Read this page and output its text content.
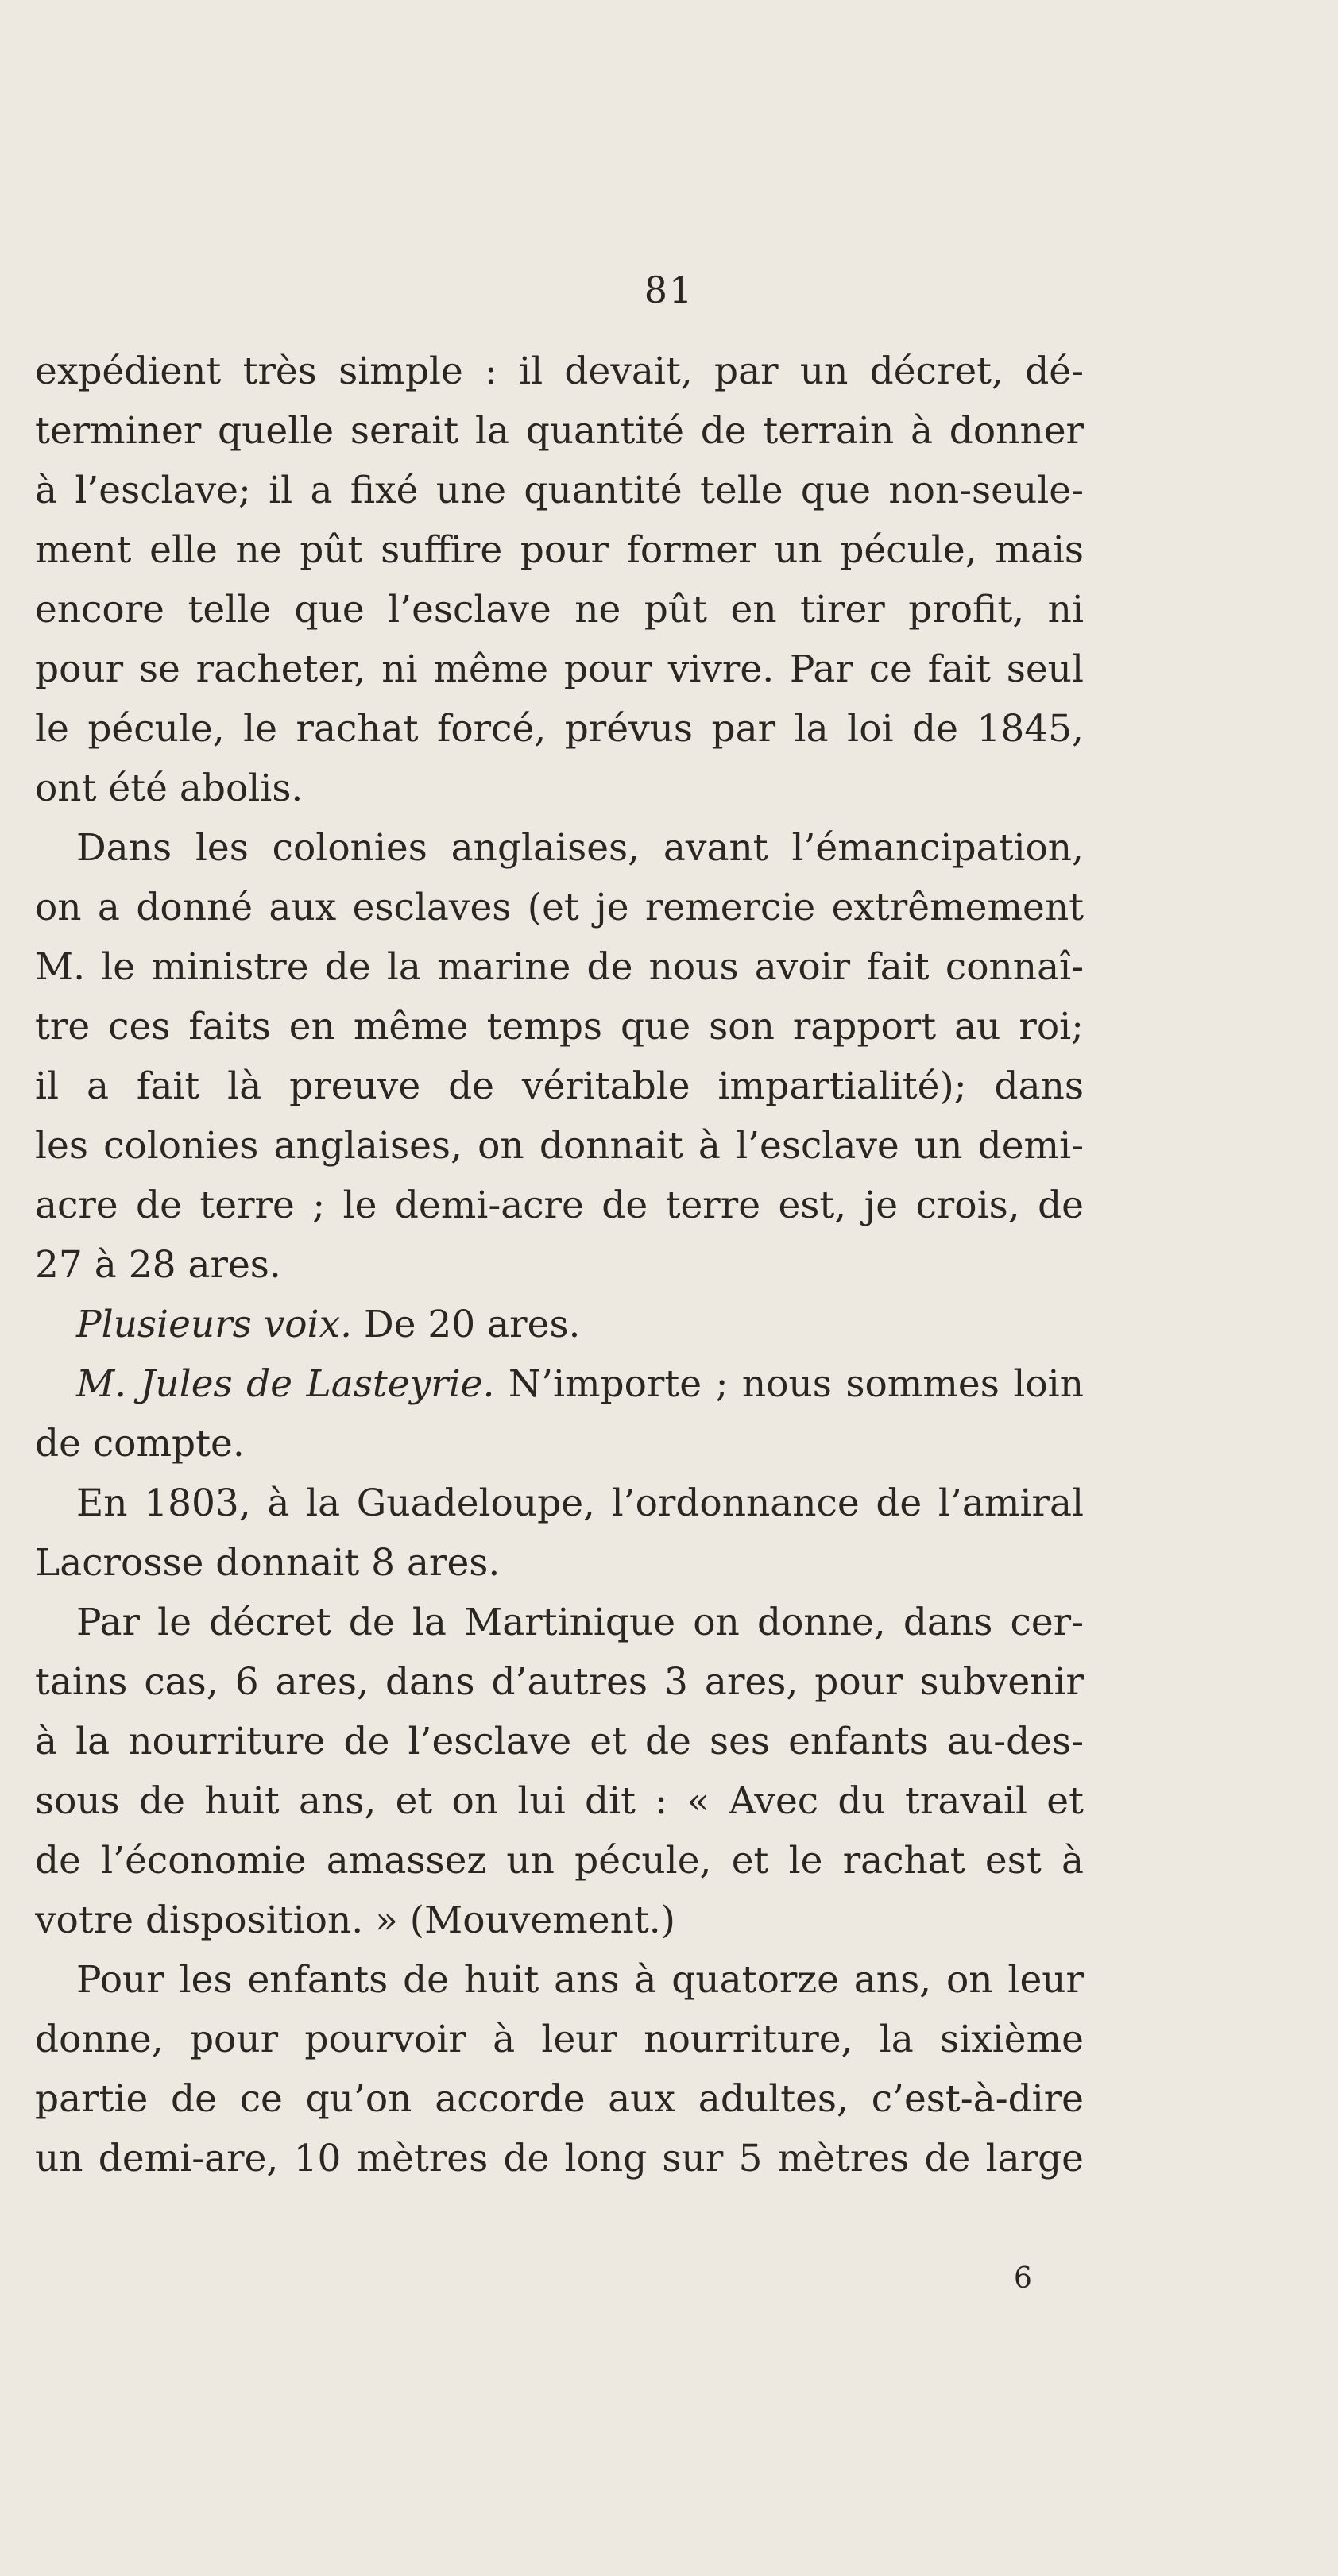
81
expédient très simple : il devait, par un décret, dé-
terminer quelle serait la quantité de terrain à donner
à l’esclave; il a fixé une quantité telle que non-seule-
ment elle ne pût suffire pour former un pécule, mais
encore telle que l’esclave ne pût en tirer profit, ni
pour se racheter, ni même pour vivre. Par ce fait seul
le pécule, le rachat forcé, prévus par la loi de 1845,
ont été abolis.
Dans les colonies anglaises, avant l’émancipation,
on a donné aux esclaves (et je remercie extrêmement
M. le ministre de la marine de nous avoir fait connaî-
tre ces faits en même temps que son rapport au roi;
il a fait là preuve de véritable impartialité); dans
les colonies anglaises, on donnait à l’esclave un demi-
acre de terre ; le demi-acre de terre est, je crois, de
27 à 28 ares.
Plusieurs voix. De 20 ares.
M. Jules de Lasteyrie. N’importe ; nous sommes loin
de compte.
En 1803, à la Guadeloupe, l’ordonnance de l’amiral
Lacrosse donnait 8 ares.
Par le décret de la Martinique on donne, dans cer-
tains cas, 6 ares, dans d’autres 3 ares, pour subvenir
à la nourriture de l’esclave et de ses enfants au-des-
sous de huit ans, et on lui dit : « Avec du travail et
de l’économie amassez un pécule, et le rachat est à
votre disposition. » (Mouvement.)
Pour les enfants de huit ans à quatorze ans, on leur
donne, pour pourvoir à leur nourriture, la sixième
partie de ce qu’on accorde aux adultes, c’est-à-dire
un demi-are, 10 mètres de long sur 5 mètres de large
6
